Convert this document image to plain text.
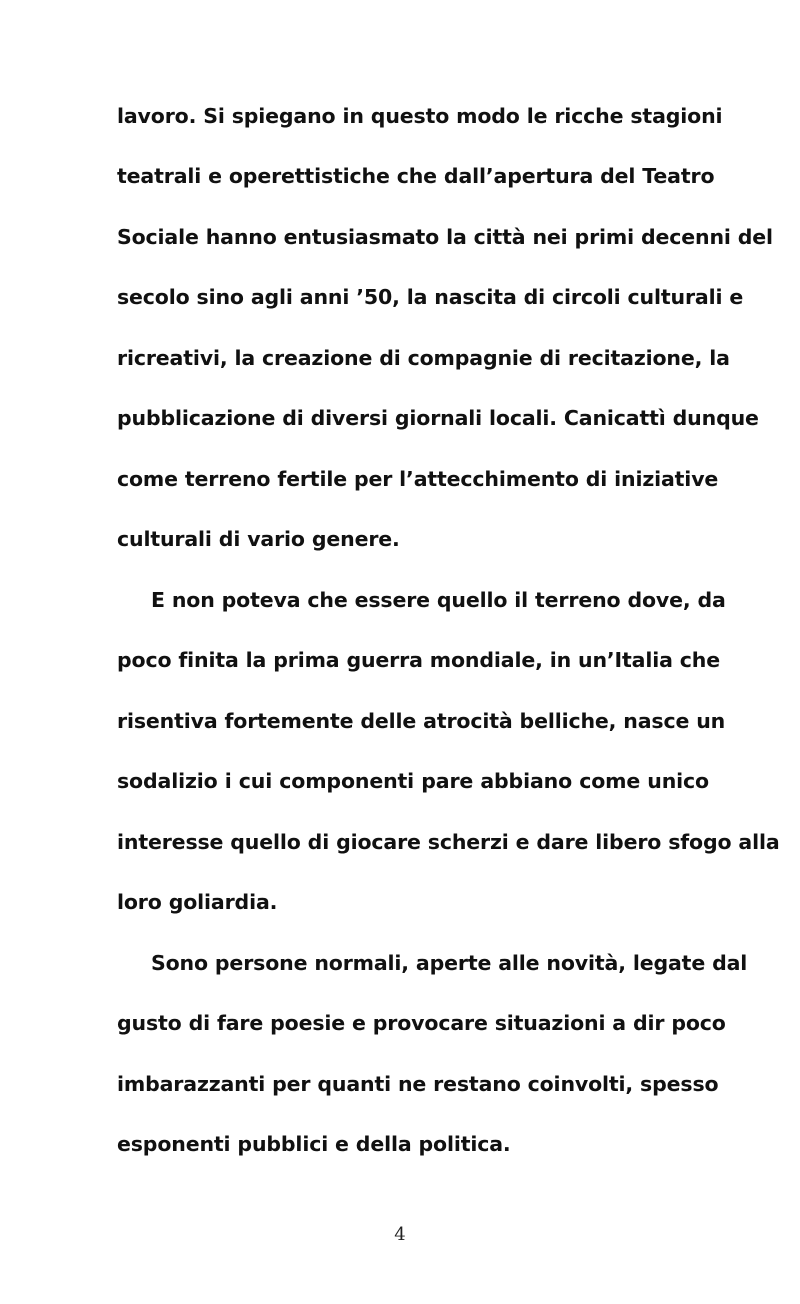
lavoro. Si spiegano in questo modo le ricche stagioni
teatrali e operettistiche che dall’apertura del Teatro
Sociale hanno entusiasmato la città nei primi decenni del
secolo sino agli anni ’50, la nascita di circoli culturali e
ricreativi, la creazione di compagnie di recitazione, la
pubblicazione di diversi giornali locali. Canicattì dunque
come terreno fertile per l’attecchimento di iniziative
culturali di vario genere.
E non poteva che essere quello il terreno dove, da
poco finita la prima guerra mondiale, in un’Italia che
risentiva fortemente delle atrocità belliche, nasce un
sodalizio i cui componenti pare abbiano come unico
interesse quello di giocare scherzi e dare libero sfogo alla
loro goliardia.
Sono persone normali, aperte alle novità, legate dal
gusto di fare poesie e provocare situazioni a dir poco
imbarazzanti per quanti ne restano coinvolti, spesso
esponenti pubblici e della politica.
4
